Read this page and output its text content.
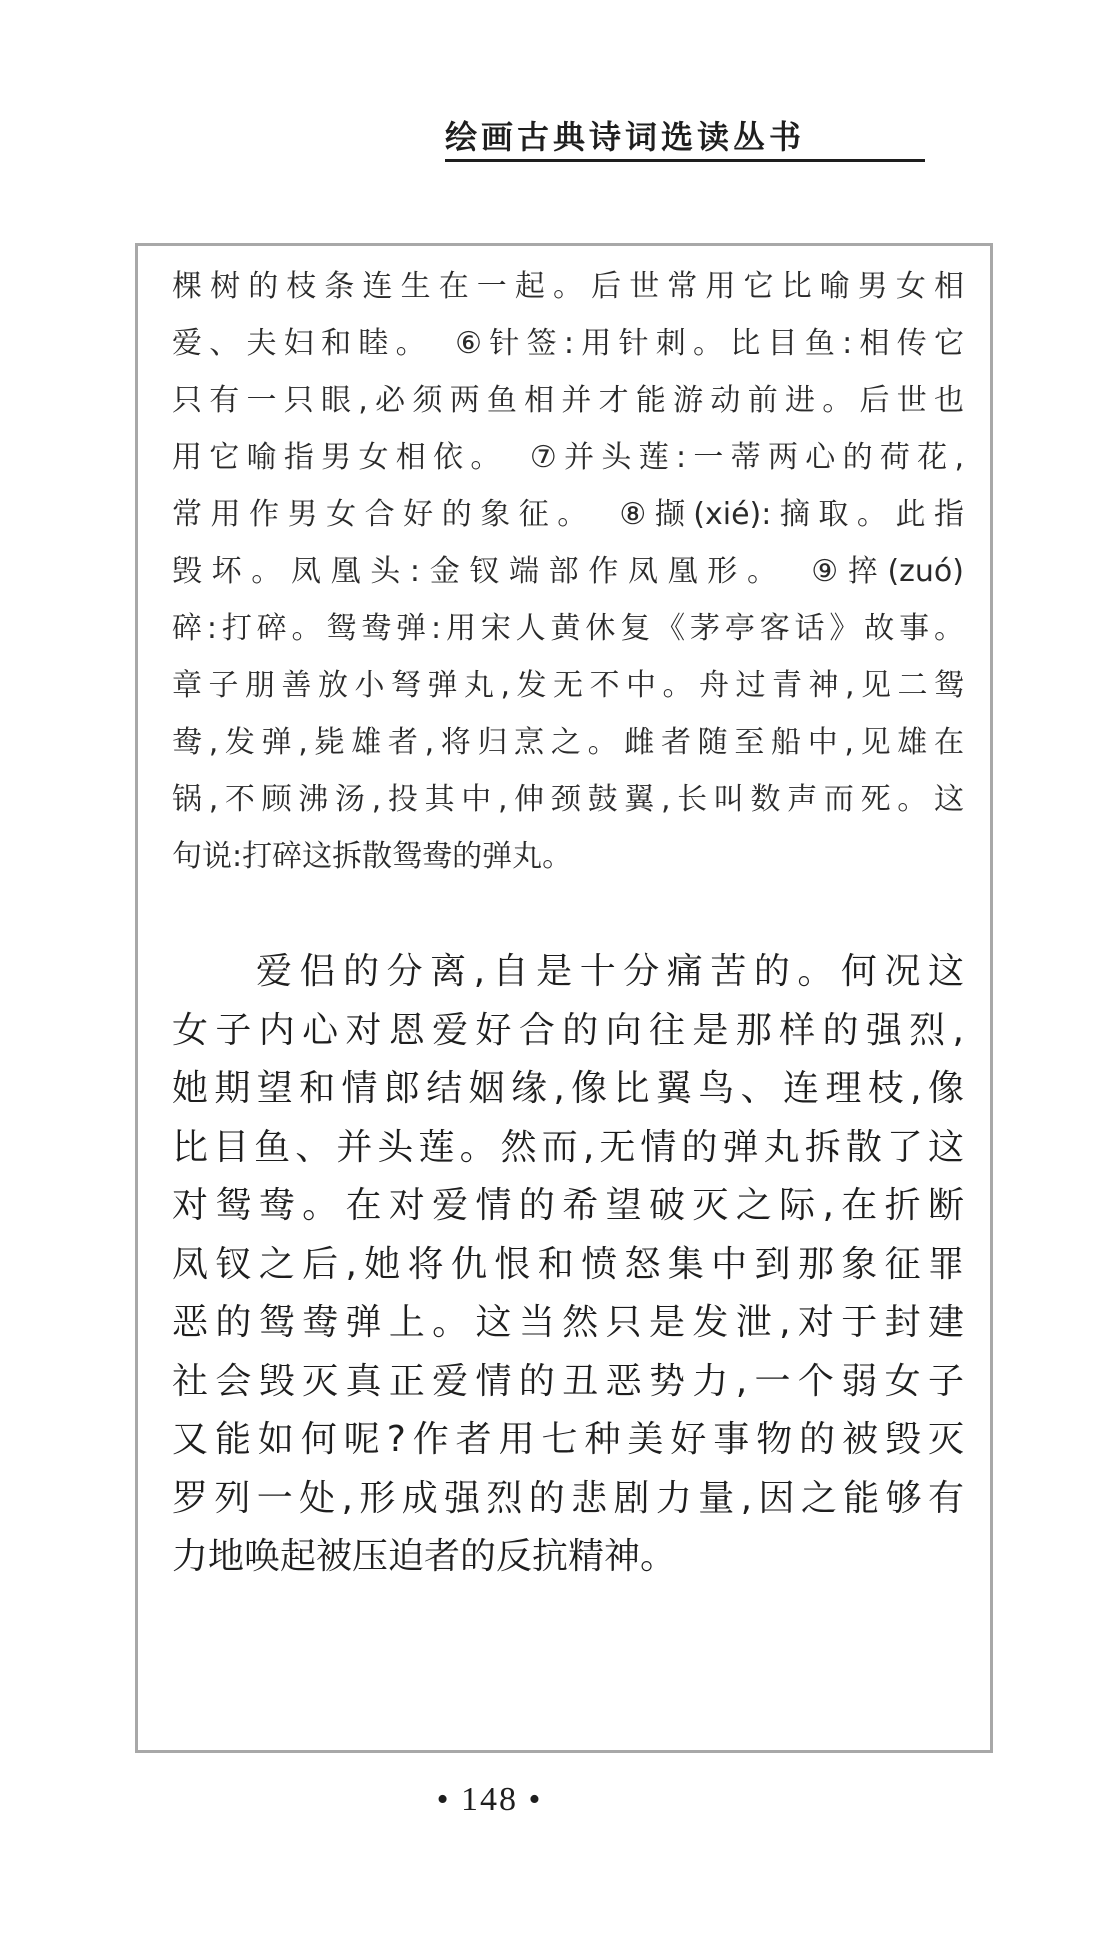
绘画古典诗词选读丛书
棵树的枝条连生在一起。后世常用它比喻男女相
爱、夫妇和睦。　⑥针签:用针刺。比目鱼:相传它
只有一只眼,必须两鱼相并才能游动前进。后世也
用它喻指男女相依。　⑦并头莲:一蒂两心的荷花,
常用作男女合好的象征。　⑧撷(xié):摘取。此指
毁坏。凤凰头:金钗端部作凤凰形。　⑨捽(zuó)
碎:打碎。鸳鸯弹:用宋人黄休复《茅亭客话》故事。
章子朋善放小弩弹丸,发无不中。舟过青神,见二鸳
鸯,发弹,毙雄者,将归烹之。雌者随至船中,见雄在
锅,不顾沸汤,投其中,伸颈鼓翼,长叫数声而死。这
句说:打碎这拆散鸳鸯的弹丸。
爱侣的分离,自是十分痛苦的。何况这
女子内心对恩爱好合的向往是那样的强烈,
她期望和情郎结姻缘,像比翼鸟、连理枝,像
比目鱼、并头莲。然而,无情的弹丸拆散了这
对鸳鸯。在对爱情的希望破灭之际,在折断
凤钗之后,她将仇恨和愤怒集中到那象征罪
恶的鸳鸯弹上。这当然只是发泄,对于封建
社会毁灭真正爱情的丑恶势力,一个弱女子
又能如何呢?作者用七种美好事物的被毁灭
罗列一处,形成强烈的悲剧力量,因之能够有
力地唤起被压迫者的反抗精神。
• 148 •
